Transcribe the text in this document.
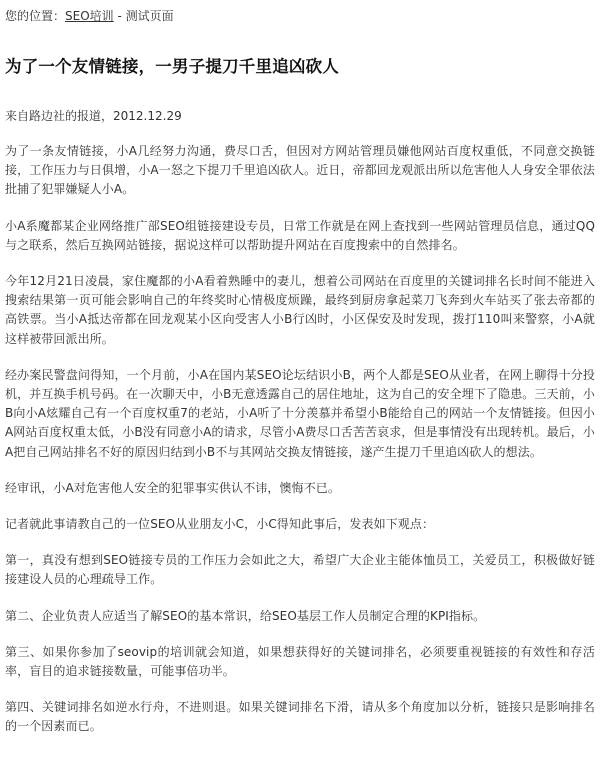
您的位置：SEO培训 - 测试页面
为了一个友情链接，一男子提刀千里追凶砍人
来自路边社的报道，2012.12.29

为了一条友情链接，小A几经努力沟通，费尽口舌，但因对方网站管理员嫌他网站百度权重低，不同意交换链接，工作压力与日俱增，小A一怒之下提刀千里追凶砍人。近日，帝都回龙观派出所以危害他人人身安全罪依法批捕了犯罪嫌疑人小A。

小A系魔都某企业网络推广部SEO组链接建设专员，日常工作就是在网上查找到一些网站管理员信息，通过QQ与之联系，然后互换网站链接，据说这样可以帮助提升网站在百度搜索中的自然排名。

今年12月21日凌晨，家住魔都的小A看着熟睡中的妻儿，想着公司网站在百度里的关键词排名长时间不能进入搜索结果第一页可能会影响自己的年终奖时心情极度烦躁，最终到厨房拿起菜刀飞奔到火车站买了张去帝都的高铁票。当小A抵达帝都在回龙观某小区向受害人小B行凶时，小区保安及时发现，拨打110叫来警察，小A就这样被带回派出所。

经办案民警盘问得知，一个月前，小A在国内某SEO论坛结识小B，两个人都是SEO从业者，在网上聊得十分投机，并互换手机号码。在一次聊天中，小B无意透露自己的居住地址，这为自己的安全埋下了隐患。三天前，小B向小A炫耀自己有一个百度权重7的老站，小A听了十分羡慕并希望小B能给自己的网站一个友情链接。但因小A网站百度权重太低，小B没有同意小A的请求，尽管小A费尽口舌苦苦哀求，但是事情没有出现转机。最后，小A把自己网站排名不好的原因归结到小B不与其网站交换友情链接，遂产生提刀千里追凶砍人的想法。

经审讯，小A对危害他人安全的犯罪事实供认不讳，懊悔不已。

记者就此事请教自己的一位SEO从业朋友小C，小C得知此事后，发表如下观点：

第一，真没有想到SEO链接专员的工作压力会如此之大，希望广大企业主能体恤员工，关爱员工，积极做好链接建设人员的心理疏导工作。

第二、企业负责人应适当了解SEO的基本常识，给SEO基层工作人员制定合理的KPI指标。

第三、如果你参加了seovip的培训就会知道，如果想获得好的关键词排名，必须要重视链接的有效性和存活率，盲目的追求链接数量，可能事倍功半。

第四、关键词排名如逆水行舟，不进则退。如果关键词排名下滑，请从多个角度加以分析，链接只是影响排名的一个因素而已。
